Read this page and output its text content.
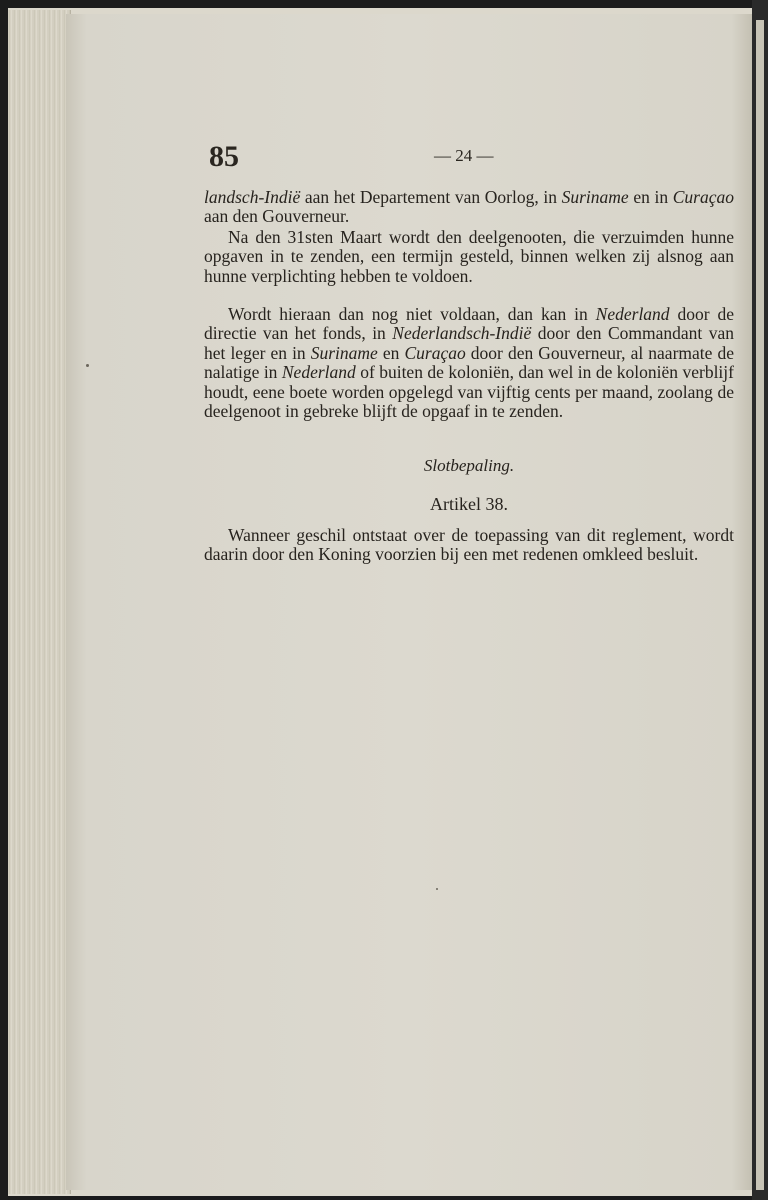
85	— 24 —

landsch-Indië aan het Departement van Oorlog, in Suriname en in Curaçao aan den Gouverneur.

Na den 31sten Maart wordt den deelgenooten, die verzuimden hunne opgaven in te zenden, een termijn gesteld, binnen welken zij alsnog aan hunne verplichting hebben te voldoen.

Wordt hieraan dan nog niet voldaan, dan kan in Nederland door de directie van het fonds, in Nederlandsch-Indië door den Commandant van het leger en in Suriname en Curaçao door den Gouverneur, al naarmate de nalatige in Nederland of buiten de koloniën, dan wel in de koloniën verblijf houdt, eene boete worden opgelegd van vijftig cents per maand, zoolang de deelgenoot in gebreke blijft de opgaaf in te zenden.

Slotbepaling.
Artikel 38.

Wanneer geschil ontstaat over de toepassing van dit reglement, wordt daarin door den Koning voorzien bij een met redenen omkleed besluit.
